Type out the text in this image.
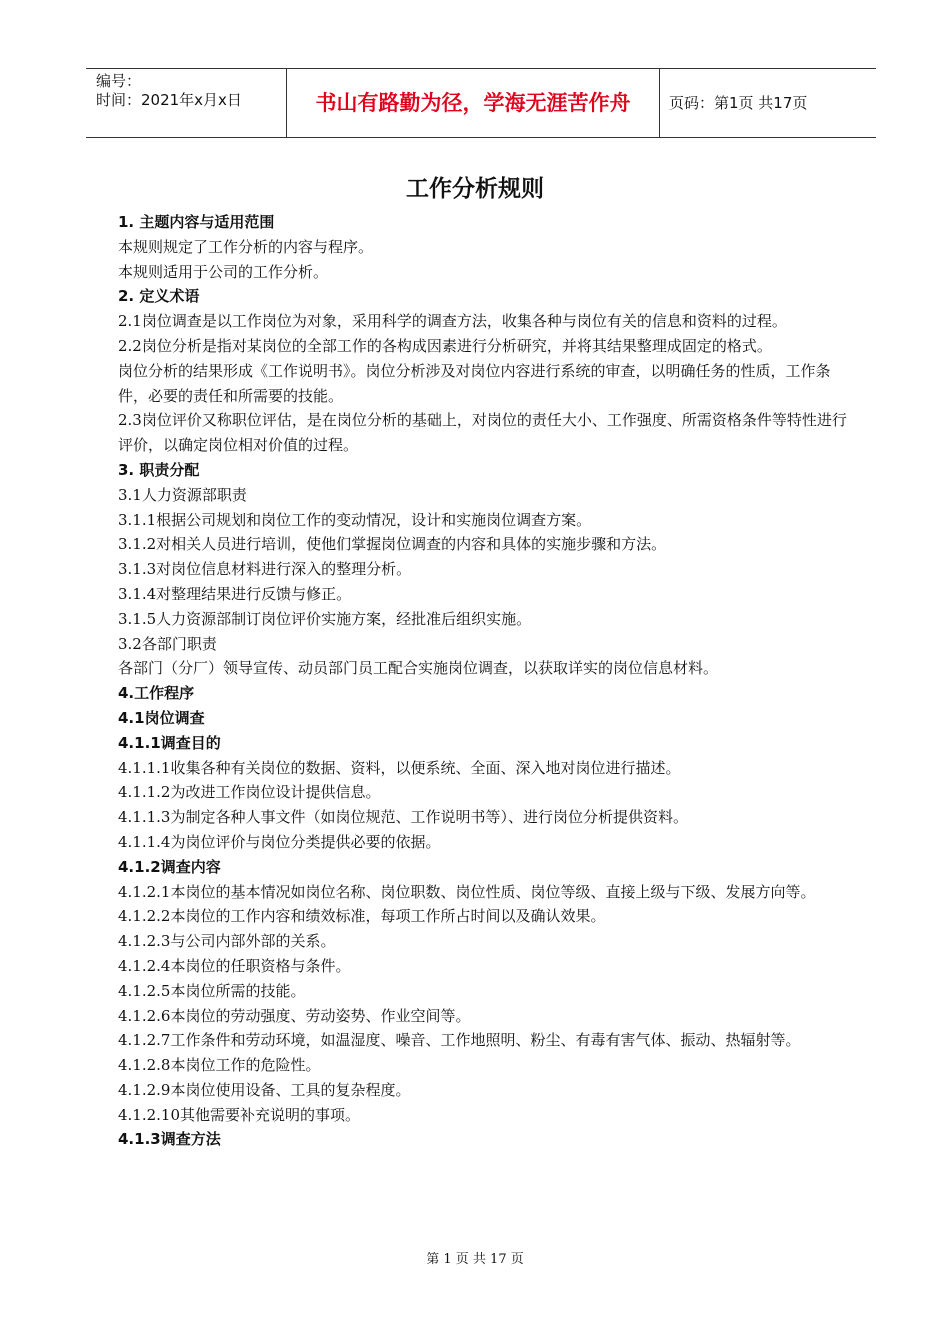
编号：
时间：2021年x月x日	书山有路勤为径，学海无涯苦作舟	页码：第1页 共17页
工作分析规则
1. 主题内容与适用范围
本规则规定了工作分析的内容与程序。
本规则适用于公司的工作分析。
2. 定义术语
2.1岗位调查是以工作岗位为对象，采用科学的调查方法，收集各种与岗位有关的信息和资料的过程。
2.2岗位分析是指对某岗位的全部工作的各构成因素进行分析研究，并将其结果整理成固定的格式。
岗位分析的结果形成《工作说明书》。岗位分析涉及对岗位内容进行系统的审查，以明确任务的性质，工作条件，必要的责任和所需要的技能。
2.3岗位评价又称职位评估，是在岗位分析的基础上，对岗位的责任大小、工作强度、所需资格条件等特性进行评价，以确定岗位相对价值的过程。
3. 职责分配
3.1人力资源部职责
3.1.1根据公司规划和岗位工作的变动情况，设计和实施岗位调查方案。
3.1.2对相关人员进行培训，使他们掌握岗位调查的内容和具体的实施步骤和方法。
3.1.3对岗位信息材料进行深入的整理分析。
3.1.4对整理结果进行反馈与修正。
3.1.5人力资源部制订岗位评价实施方案，经批准后组织实施。
3.2各部门职责
各部门（分厂）领导宣传、动员部门员工配合实施岗位调查，以获取详实的岗位信息材料。
4.工作程序
4.1岗位调查
4.1.1调查目的
4.1.1.1收集各种有关岗位的数据、资料，以便系统、全面、深入地对岗位进行描述。
4.1.1.2为改进工作岗位设计提供信息。
4.1.1.3为制定各种人事文件（如岗位规范、工作说明书等）、进行岗位分析提供资料。
4.1.1.4为岗位评价与岗位分类提供必要的依据。
4.1.2调查内容
4.1.2.1本岗位的基本情况如岗位名称、岗位职数、岗位性质、岗位等级、直接上级与下级、发展方向等。
4.1.2.2本岗位的工作内容和绩效标准，每项工作所占时间以及确认效果。
4.1.2.3与公司内部外部的关系。
4.1.2.4本岗位的任职资格与条件。
4.1.2.5本岗位所需的技能。
4.1.2.6本岗位的劳动强度、劳动姿势、作业空间等。
4.1.2.7工作条件和劳动环境，如温湿度、噪音、工作地照明、粉尘、有毒有害气体、振动、热辐射等。
4.1.2.8本岗位工作的危险性。
4.1.2.9本岗位使用设备、工具的复杂程度。
4.1.2.10其他需要补充说明的事项。
4.1.3调查方法
第 1 页 共 17 页
